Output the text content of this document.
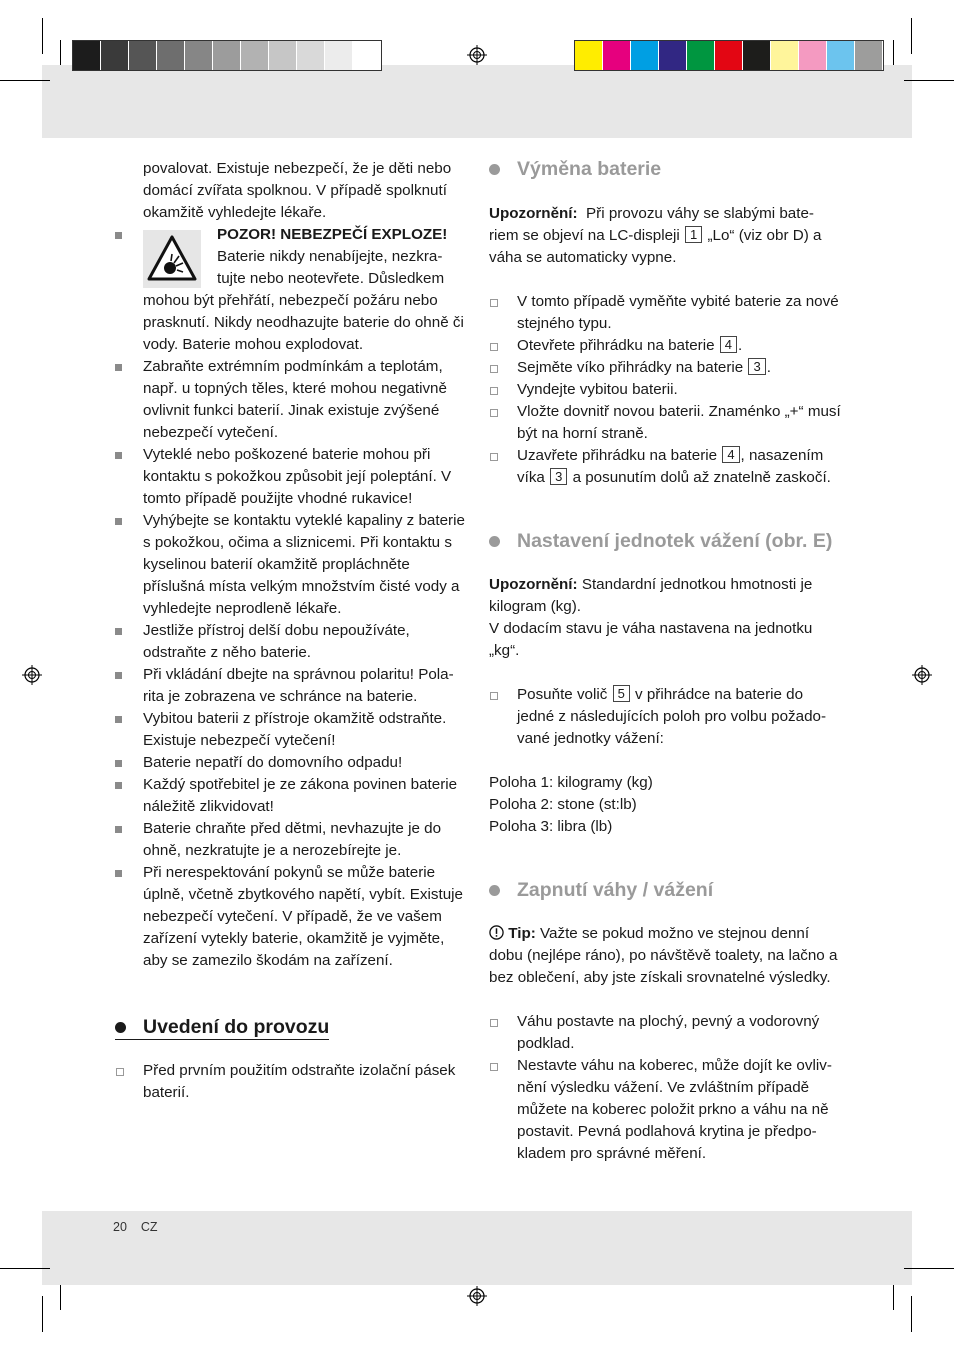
povalovat. Existuje nebezpečí, že je děti nebo domácí zvířata spolknou. V případě spolknutí okamžitě vyhledejte lékaře.

POZOR! NEBEZPEČÍ EXPLOZE!

Baterie nikdy nenabíjejte, nezkra-tujte nebo neotevřete. Důsledkem

mohou být přehřátí, nebezpečí požáru nebo prasknutí. Nikdy neodhazujte baterie do ohně či vody. Baterie mohou explodovat.

Zabraňte extrémním podmínkám a teplotám, např. u topných těles, které mohou negativně ovlivnit funkci baterií. Jinak existuje zvýšené nebezpečí vytečení.

Vyteklé nebo poškozené baterie mohou při kontaktu s pokožkou způsobit její poleptání. V tomto případě použijte vhodné rukavice!

Vyhýbejte se kontaktu vyteklé kapaliny z baterie s pokožkou, očima a sliznicemi. Při kontaktu s kyselinou baterií okamžitě propláchněte příslušná místa velkým množstvím čisté vody a vyhledejte neprodleně lékaře.

Jestliže přístroj delší dobu nepoužíváte, odstraňte z něho baterie.

Při vkládání dbejte na správnou polaritu! Pola-rita je zobrazena ve schránce na baterie.

Vybitou baterii z přístroje okamžitě odstraňte. Existuje nebezpečí vytečení!

Baterie nepatří do domovního odpadu!

Každý spotřebitel je ze zákona povinen baterie náležitě zlikvidovat!

Baterie chraňte před dětmi, nevhazujte je do ohně, nezkratujte je a nerozebírejte je.

Při nerespektování pokynů se může baterie úplně, včetně zbytkového napětí, vybít. Existuje nebezpečí vytečení. V případě, že ve vašem zařízení vytekly baterie, okamžitě je vyjměte, aby se zamezilo škodám na zařízení.

Uvedení do provozu

Před prvním použitím odstraňte izolační pásek baterií.

Výměna baterie

Upozornění: Při provozu váhy se slabými bate-riem se objeví na LC-displeji 1 „Lo“ (viz obr D) a váha se automaticky vypne.

V tomto případě vyměňte vybité baterie za nové stejného typu.

Otevřete přihrádku na baterie 4 .

Sejměte víko přihrádky na baterie 3 .

Vyndejte vybitou baterii.

Vložte dovnitř novou baterii. Znaménko „+“ musí být na horní straně.

Uzavřete přihrádku na baterie 4 , nasazením víka 3 a posunutím dolů až znatelně zaskočí.

Nastavení jednotek vážení (obr. E)

Upozornění: Standardní jednotkou hmotnosti je kilogram (kg).

V dodacím stavu je váha nastavena na jednotku „kg“.

Posuňte volič 5 v přihrádce na baterie do jedné z následujících poloh pro volbu požado-vané jednotky vážení:

Poloha 1: kilogramy (kg)

Poloha 2: stone (st:lb)

Poloha 3: libra (lb)

Zapnutí váhy / vážení

Tip: Važte se pokud možno ve stejnou denní dobu (nejlépe ráno), po návštěvě toalety, na lačno a bez oblečení, aby jste získali srovnatelné výsledky.

Váhu postavte na plochý, pevný a vodorovný podklad.

Nestavte váhu na koberec, může dojít ke ovliv-nění výsledku vážení. Ve zvláštním případě můžete na koberec položit prkno a váhu na ně postavit. Pevná podlahová krytina je předpo-kladem pro správné měření.

20 CZ
